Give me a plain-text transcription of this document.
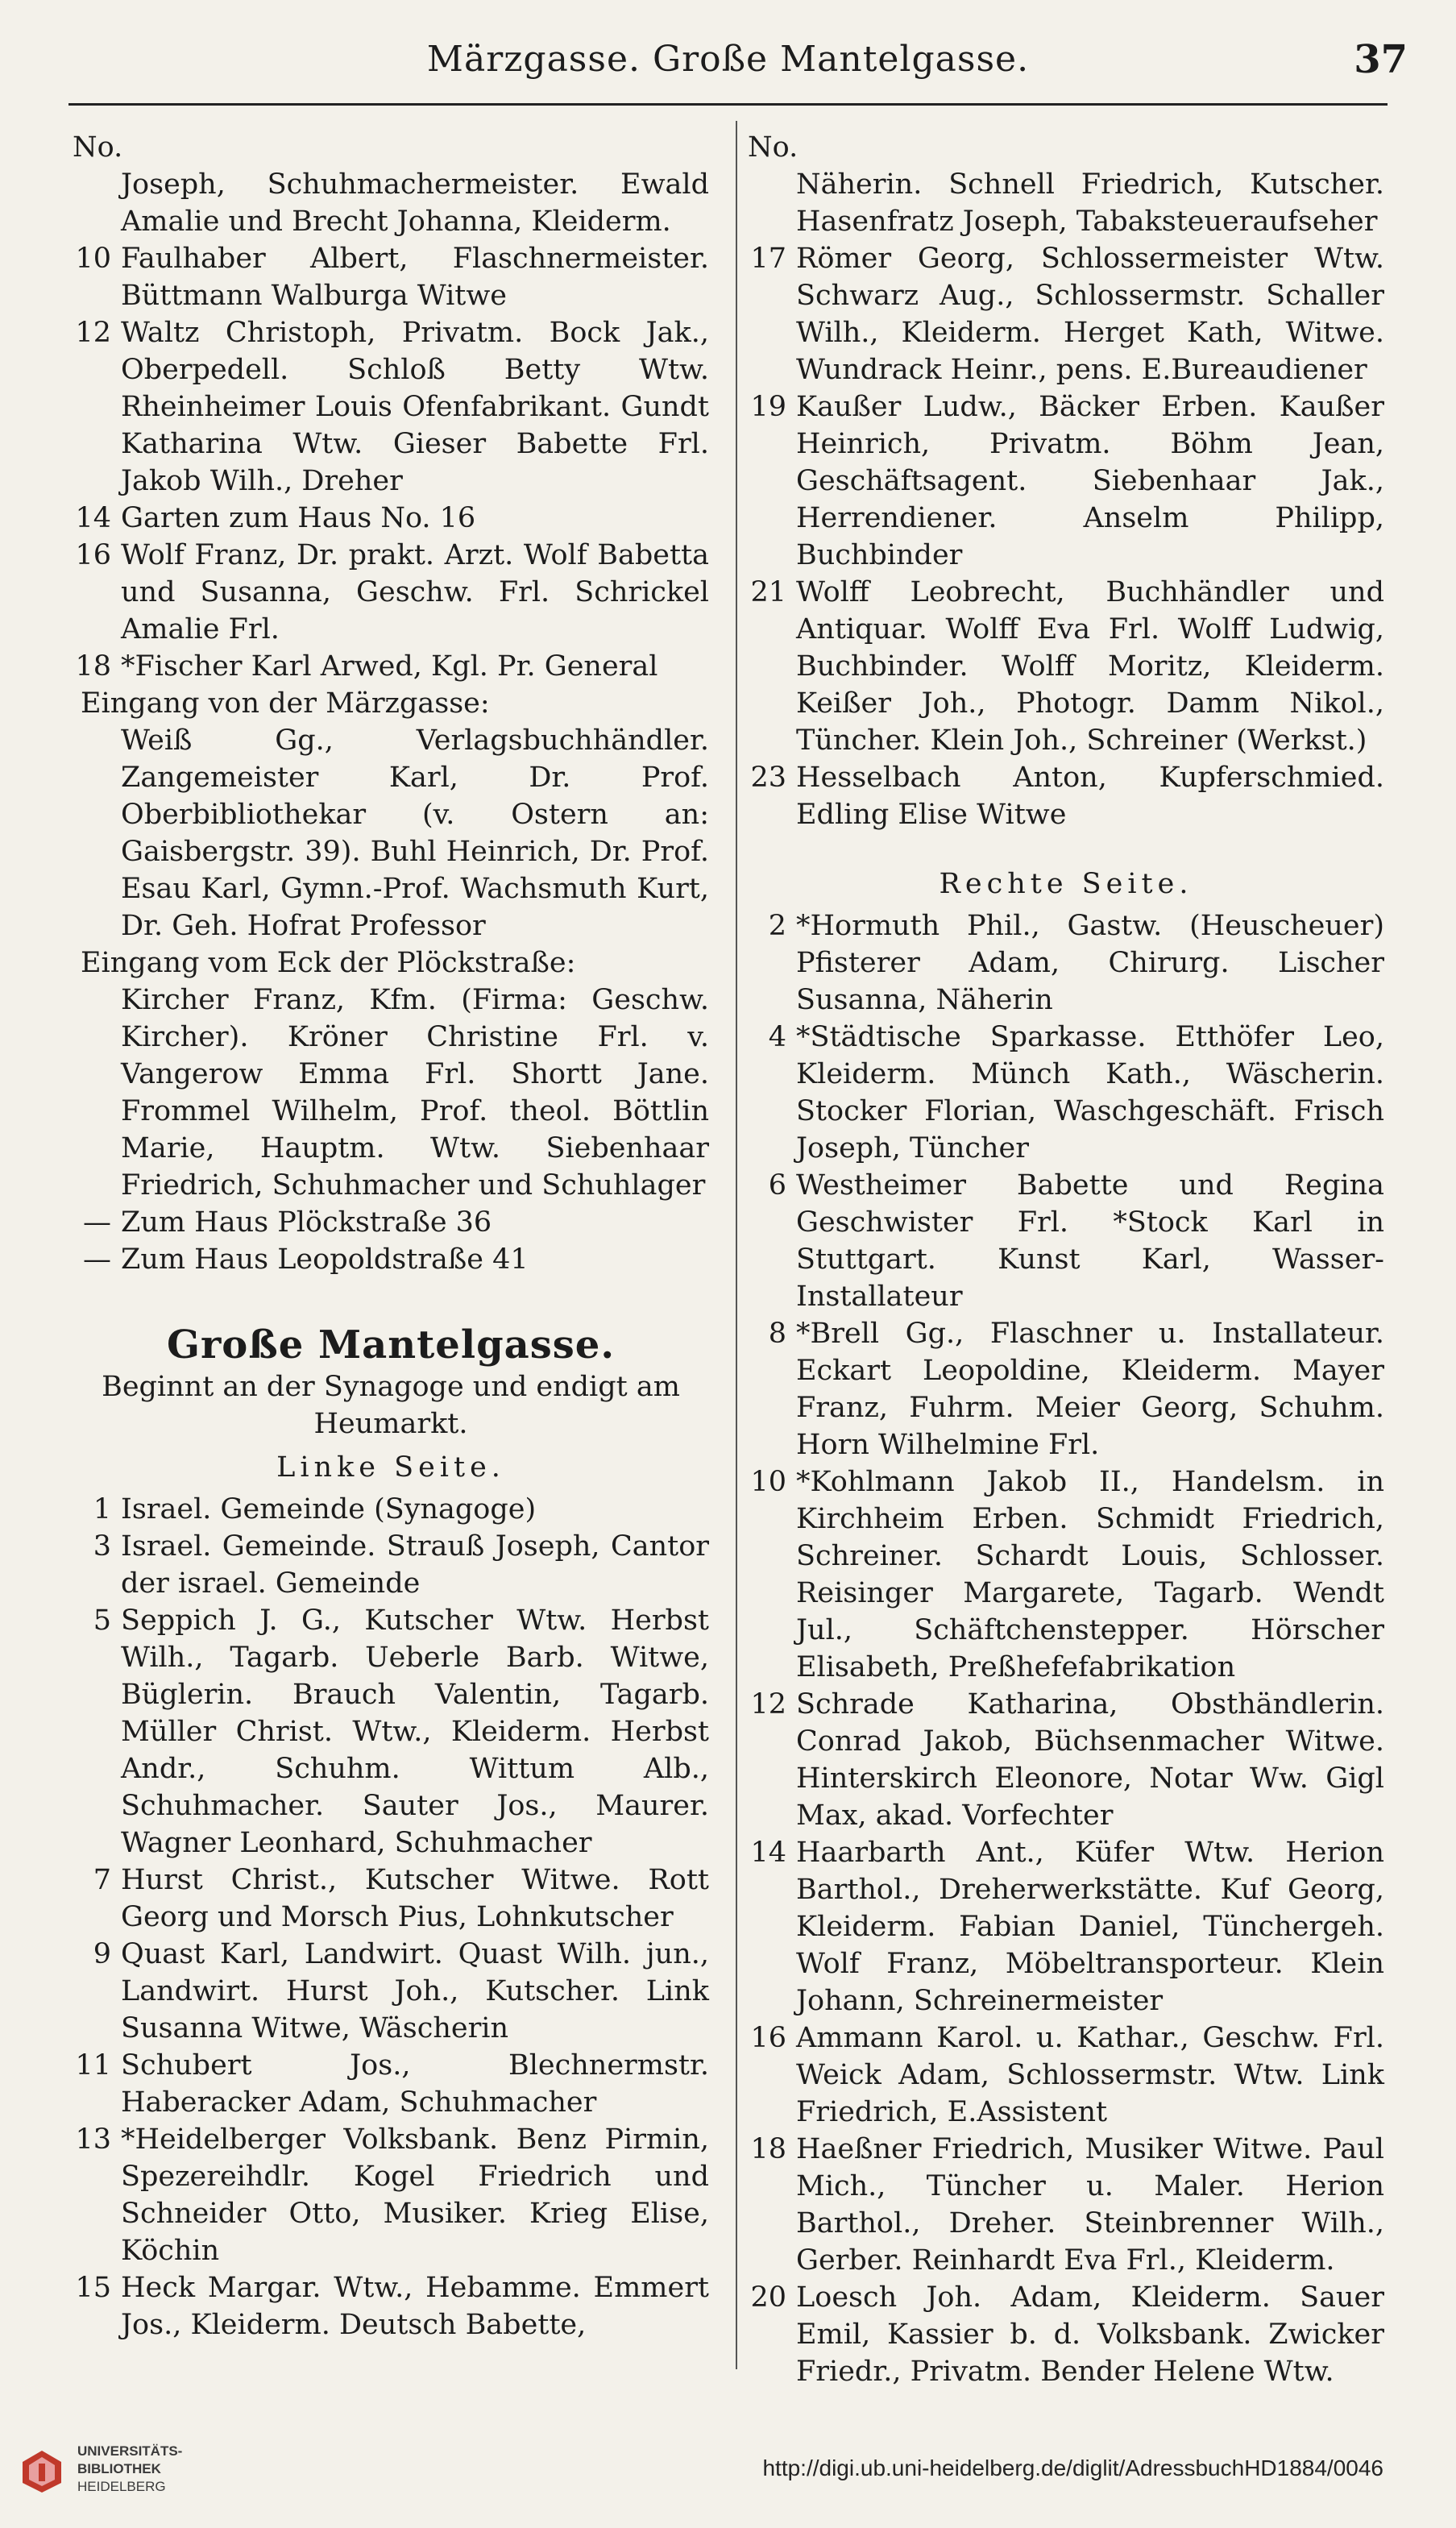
Märzgasse. Große Mantelgasse.	37
No.
Joseph, Schuhmachermeister. Ewald Amalie und Brecht Johanna, Kleiderm.
10 Faulhaber Albert, Flaschnermeister. Büttmann Walburga Witwe
12 Waltz Christoph, Privatm. Bock Jak., Oberpedell. Schloß Betty Wtw. Rheinheimer Louis Ofenfabrikant. Gundt Katharina Wtw. Gieser Babette Frl. Jakob Wilh., Dreher
14 Garten zum Haus No. 16
16 Wolf Franz, Dr. prakt. Arzt. Wolf Babetta und Susanna, Geschw. Frl. Schrickel Amalie Frl.
18 *Fischer Karl Arwed, Kgl. Pr. General
Eingang von der Märzgasse:
Weiß Gg., Verlagsbuchhändler. Zangemeister Karl, Dr. Prof. Oberbibliothekar (v. Ostern an: Gaisbergstr. 39). Buhl Heinrich, Dr. Prof. Esau Karl, Gymn.-Prof. Wachsmuth Kurt, Dr. Geh. Hofrat Professor
Eingang vom Eck der Plöckstraße:
Kircher Franz, Kfm. (Firma: Geschw. Kircher). Kröner Christine Frl. v. Vangerow Emma Frl. Shortt Jane. Frommel Wilhelm, Prof. theol. Böttlin Marie, Hauptm. Wtw. Siebenhaar Friedrich, Schuhmacher und Schuhlager
— Zum Haus Plöckstraße 36
— Zum Haus Leopoldstraße 41
Große Mantelgasse.
Beginnt an der Synagoge und endigt am Heumarkt.
Linke Seite.
1 Israel. Gemeinde (Synagoge)
3 Israel. Gemeinde. Strauß Joseph, Cantor der israel. Gemeinde
5 Seppich J. G., Kutscher Wtw. Herbst Wilh., Tagarb. Ueberle Barb. Witwe, Büglerin. Brauch Valentin, Tagarb. Müller Christ. Wtw., Kleiderm. Herbst Andr., Schuhm. Wittum Alb., Schuhmacher. Sauter Jos., Maurer. Wagner Leonhard, Schuhmacher
7 Hurst Christ., Kutscher Witwe. Rott Georg und Morsch Pius, Lohnkutscher
9 Quast Karl, Landwirt. Quast Wilh. jun., Landwirt. Hurst Joh., Kutscher. Link Susanna Witwe, Wäscherin
11 Schubert Jos., Blechnermstr. Haberacker Adam, Schuhmacher
13 *Heidelberger Volksbank. Benz Pirmin, Spezereihdlr. Kogel Friedrich und Schneider Otto, Musiker. Krieg Elise, Köchin
15 Heck Margar. Wtw., Hebamme. Emmert Jos., Kleiderm. Deutsch Babette,
No.
Näherin. Schnell Friedrich, Kutscher. Hasenfratz Joseph, Tabaksteueraufseher
17 Römer Georg, Schlossermeister Wtw. Schwarz Aug., Schlossermstr. Schaller Wilh., Kleiderm. Herget Kath, Witwe. Wundrack Heinr., pens. E.Bureaudiener
19 Kaußer Ludw., Bäcker Erben. Kaußer Heinrich, Privatm. Böhm Jean, Geschäftsagent. Siebenhaar Jak., Herrendiener. Anselm Philipp, Buchbinder
21 Wolff Leobrecht, Buchhändler und Antiquar. Wolff Eva Frl. Wolff Ludwig, Buchbinder. Wolff Moritz, Kleiderm. Keißer Joh., Photogr. Damm Nikol., Tüncher. Klein Joh., Schreiner (Werkst.)
23 Hesselbach Anton, Kupferschmied. Edling Elise Witwe
Rechte Seite.
2 *Hormuth Phil., Gastw. (Heuscheuer) Pfisterer Adam, Chirurg. Lischer Susanna, Näherin
4 *Städtische Sparkasse. Etthöfer Leo, Kleiderm. Münch Kath., Wäscherin. Stocker Florian, Waschgeschäft. Frisch Joseph, Tüncher
6 Westheimer Babette und Regina Geschwister Frl. *Stock Karl in Stuttgart. Kunst Karl, Wasser-Installateur
8 *Brell Gg., Flaschner u. Installateur. Eckart Leopoldine, Kleiderm. Mayer Franz, Fuhrm. Meier Georg, Schuhm. Horn Wilhelmine Frl.
10 *Kohlmann Jakob II., Handelsm. in Kirchheim Erben. Schmidt Friedrich, Schreiner. Schardt Louis, Schlosser. Reisinger Margarete, Tagarb. Wendt Jul., Schäftchenstepper. Hörscher Elisabeth, Preßhefefabrikation
12 Schrade Katharina, Obsthändlerin. Conrad Jakob, Büchsenmacher Witwe. Hinterskirch Eleonore, Notar Ww. Gigl Max, akad. Vorfechter
14 Haarbarth Ant., Küfer Wtw. Herion Barthol., Dreherwerkstätte. Kuf Georg, Kleiderm. Fabian Daniel, Tünchergeh. Wolf Franz, Möbeltransporteur. Klein Johann, Schreinermeister
16 Ammann Karol. u. Kathar., Geschw. Frl. Weick Adam, Schlossermstr. Wtw. Link Friedrich, E.Assistent
18 Haeßner Friedrich, Musiker Witwe. Paul Mich., Tüncher u. Maler. Herion Barthol., Dreher. Steinbrenner Wilh., Gerber. Reinhardt Eva Frl., Kleiderm.
20 Loesch Joh. Adam, Kleiderm. Sauer Emil, Kassier b. d. Volksbank. Zwicker Friedr., Privatm. Bender Helene Wtw.
UNIVERSITÄTS-
BIBLIOTHEK
HEIDELBERG
http://digi.ub.uni-heidelberg.de/diglit/AdressbuchHD1884/0046
